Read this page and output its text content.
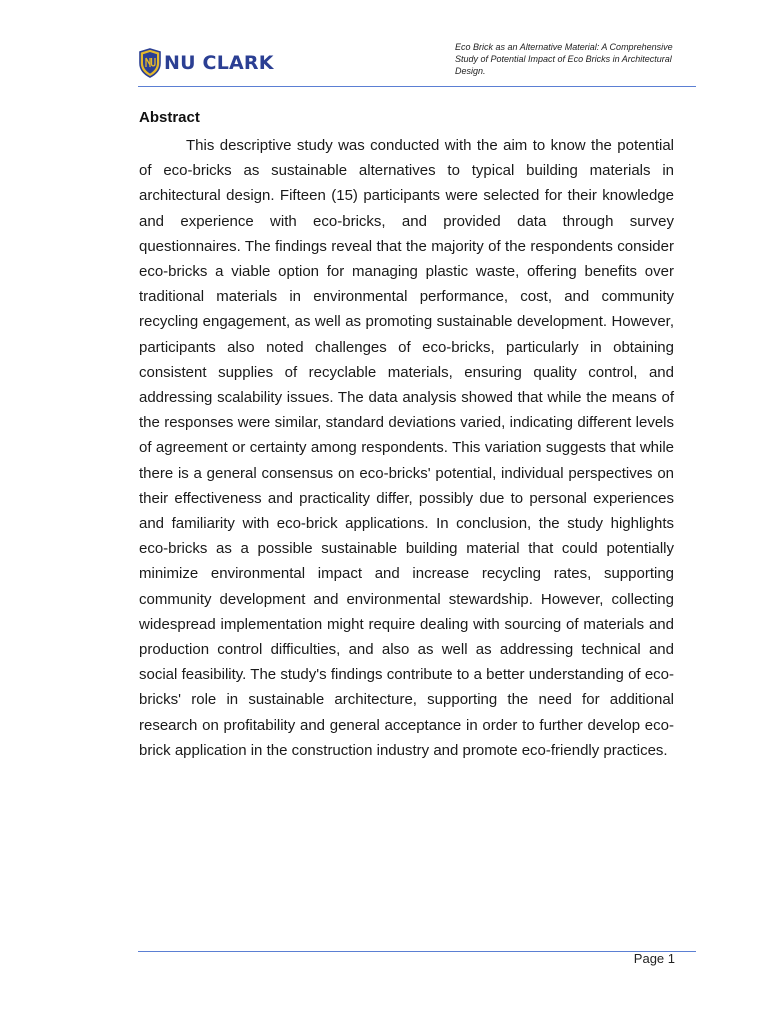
NU CLARK
Eco Brick as an Alternative Material: A Comprehensive Study of Potential Impact of Eco Bricks in Architectural Design.
Abstract

This descriptive study was conducted with the aim to know the potential of eco-bricks as sustainable alternatives to typical building materials in architectural design. Fifteen (15) participants were selected for their knowledge and experience with eco-bricks, and provided data through survey questionnaires. The findings reveal that the majority of the respondents consider eco-bricks a viable option for managing plastic waste, offering benefits over traditional materials in environmental performance, cost, and community recycling engagement, as well as promoting sustainable development. However, participants also noted challenges of eco-bricks, particularly in obtaining consistent supplies of recyclable materials, ensuring quality control, and addressing scalability issues. The data analysis showed that while the means of the responses were similar, standard deviations varied, indicating different levels of agreement or certainty among respondents. This variation suggests that while there is a general consensus on eco-bricks' potential, individual perspectives on their effectiveness and practicality differ, possibly due to personal experiences and familiarity with eco-brick applications. In conclusion, the study highlights eco-bricks as a possible sustainable building material that could potentially minimize environmental impact and increase recycling rates, supporting community development and environmental stewardship. However, collecting widespread implementation might require dealing with sourcing of materials and production control difficulties, and also as well as addressing technical and social feasibility. The study's findings contribute to a better understanding of eco-bricks' role in sustainable architecture, supporting the need for additional research on profitability and general acceptance in order to further develop eco-brick application in the construction industry and promote eco-friendly practices.

Page 1
